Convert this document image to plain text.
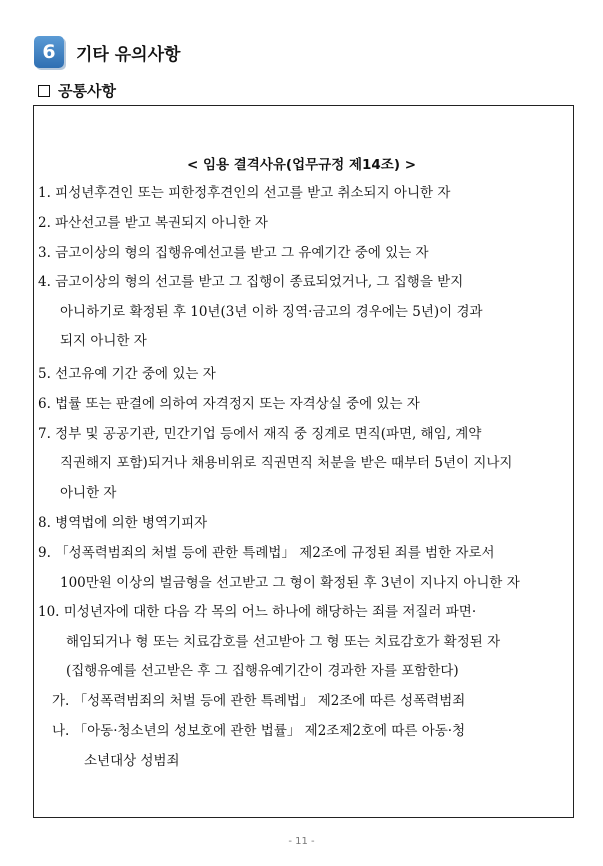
6	기타 유의사항
공통사항
< 임용 결격사유(업무규정 제14조) >
1. 피성년후견인 또는 피한정후견인의 선고를 받고 취소되지 아니한 자
2. 파산선고를 받고 복권되지 아니한 자
3. 금고이상의 형의 집행유예선고를 받고 그 유예기간 중에 있는 자
4. 금고이상의 형의 선고를 받고 그 집행이 종료되었거나, 그 집행을 받지
아니하기로 확정된 후 10년(3년 이하 징역·금고의 경우에는 5년)이 경과
되지 아니한 자
5. 선고유예 기간 중에 있는 자
6. 법률 또는 판결에 의하여 자격정지 또는 자격상실 중에 있는 자
7. 정부 및 공공기관, 민간기업 등에서 재직 중 징계로 면직(파면, 해임, 계약
직권해지 포함)되거나 채용비위로 직권면직 처분을 받은 때부터 5년이 지나지
아니한 자
8. 병역법에 의한 병역기피자
9. 「성폭력범죄의 처벌 등에 관한 특례법」 제2조에 규정된 죄를 범한 자로서
100만원 이상의 벌금형을 선고받고 그 형이 확정된 후 3년이 지나지 아니한 자
10. 미성년자에 대한 다음 각 목의 어느 하나에 해당하는 죄를 저질러 파면·
해임되거나 형 또는 치료감호를 선고받아 그 형 또는 치료감호가 확정된 자
(집행유예를 선고받은 후 그 집행유예기간이 경과한 자를 포함한다)
가. 「성폭력범죄의 처벌 등에 관한 특례법」 제2조에 따른 성폭력범죄
나. 「아동·청소년의 성보호에 관한 법률」 제2조제2호에 따른 아동·청
소년대상 성범죄
- 11 -
